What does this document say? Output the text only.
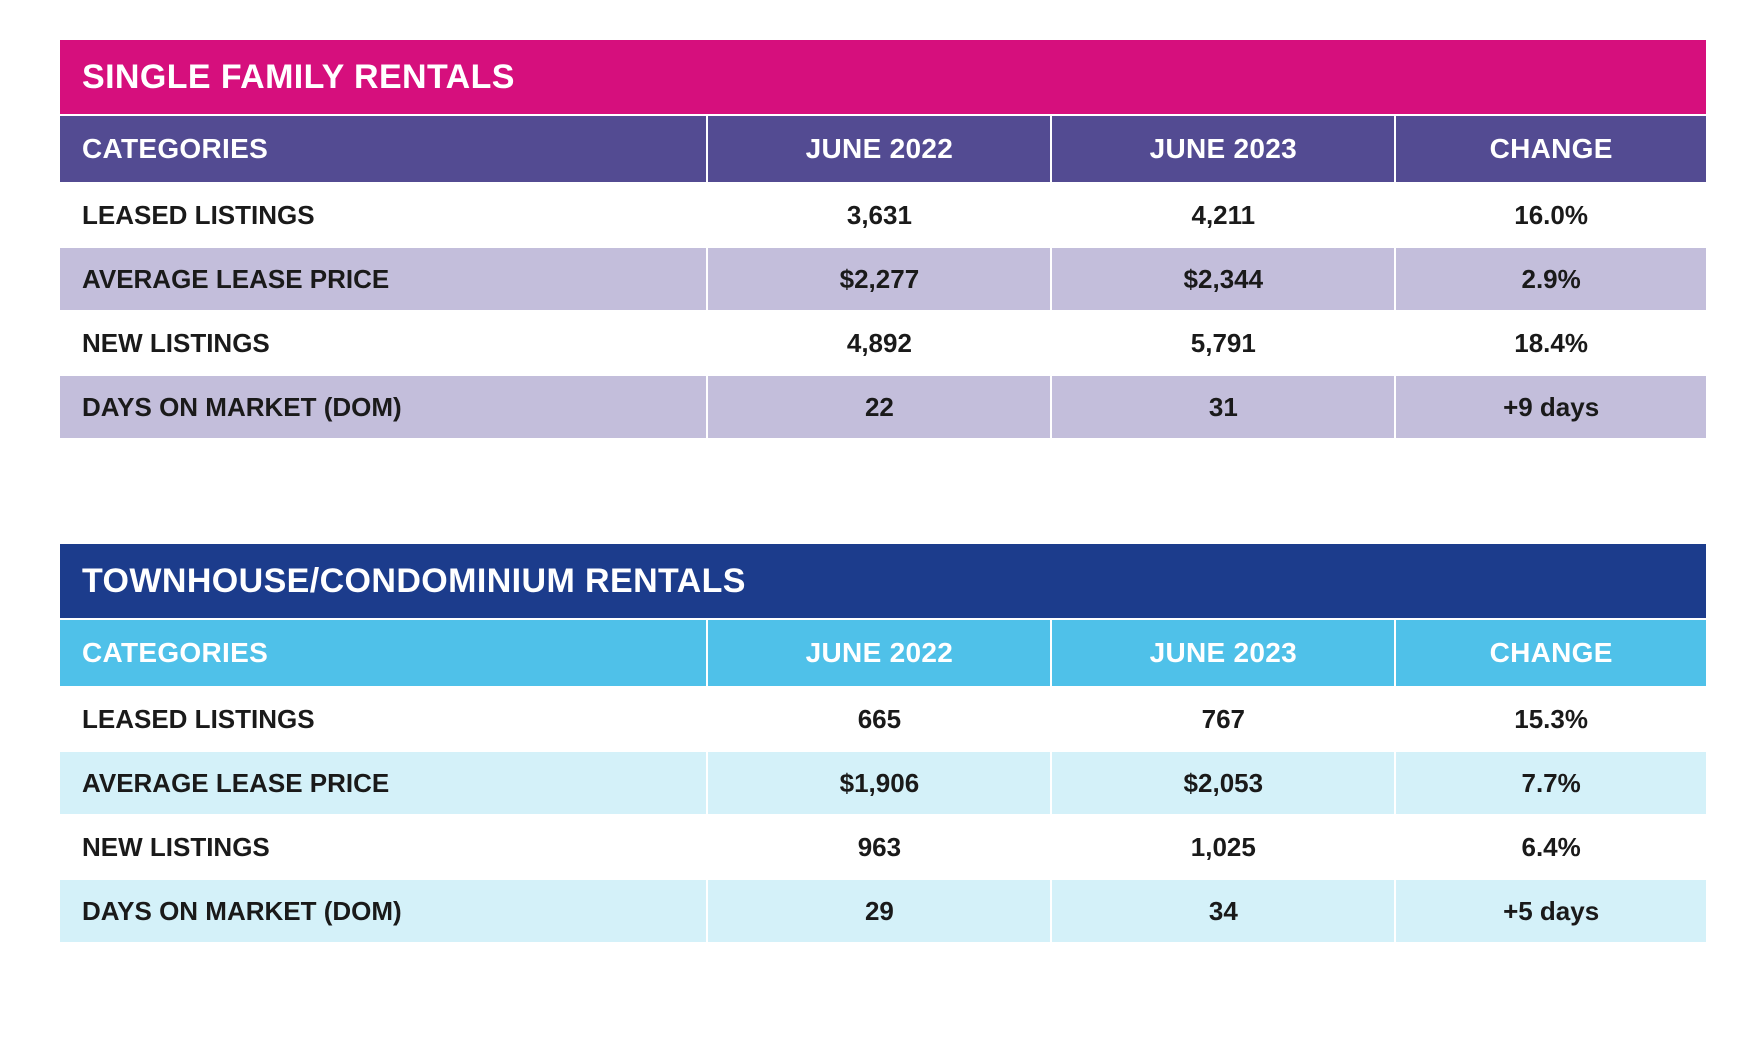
SINGLE FAMILY RENTALS			
CATEGORIES	JUNE 2022	JUNE 2023	CHANGE
LEASED LISTINGS	3,631	4,211	16.0%
AVERAGE LEASE PRICE	$2,277	$2,344	2.9%
NEW LISTINGS	4,892	5,791	18.4%
DAYS ON MARKET (DOM)	22	31	+9 days
TOWNHOUSE/CONDOMINIUM RENTALS			
CATEGORIES	JUNE 2022	JUNE 2023	CHANGE
LEASED LISTINGS	665	767	15.3%
AVERAGE LEASE PRICE	$1,906	$2,053	7.7%
NEW LISTINGS	963	1,025	6.4%
DAYS ON MARKET (DOM)	29	34	+5 days
